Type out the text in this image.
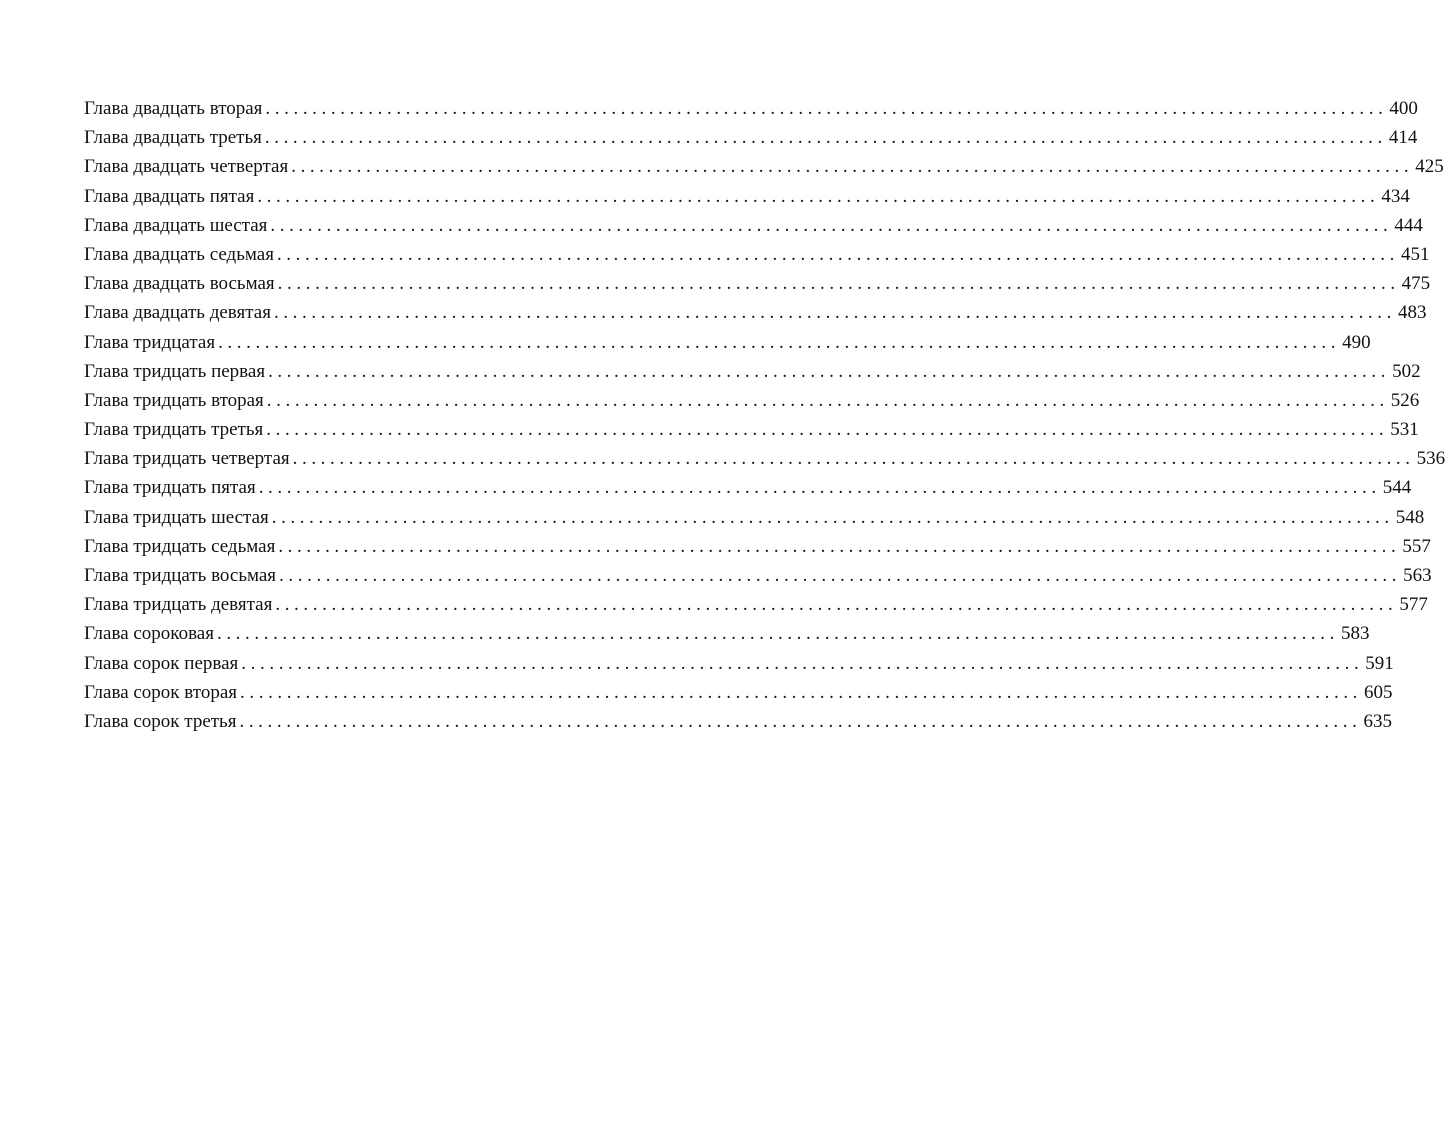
Глава двадцать вторая ........................................................................................................................ 400
Глава двадцать третья ........................................................................................................................ 414
Глава двадцать четвертая ........................................................................................................................ 425
Глава двадцать пятая ........................................................................................................................ 434
Глава двадцать шестая ........................................................................................................................ 444
Глава двадцать седьмая ........................................................................................................................ 451
Глава двадцать восьмая ........................................................................................................................ 475
Глава двадцать девятая ........................................................................................................................ 483
Глава тридцатая ........................................................................................................................ 490
Глава тридцать первая ........................................................................................................................ 502
Глава тридцать вторая ........................................................................................................................ 526
Глава тридцать третья ........................................................................................................................ 531
Глава тридцать четвертая ........................................................................................................................ 536
Глава тридцать пятая ........................................................................................................................ 544
Глава тридцать шестая ........................................................................................................................ 548
Глава тридцать седьмая ........................................................................................................................ 557
Глава тридцать восьмая ........................................................................................................................ 563
Глава тридцать девятая ........................................................................................................................ 577
Глава сороковая ........................................................................................................................ 583
Глава сорок первая ........................................................................................................................ 591
Глава сорок вторая ........................................................................................................................ 605
Глава сорок третья ........................................................................................................................ 635
